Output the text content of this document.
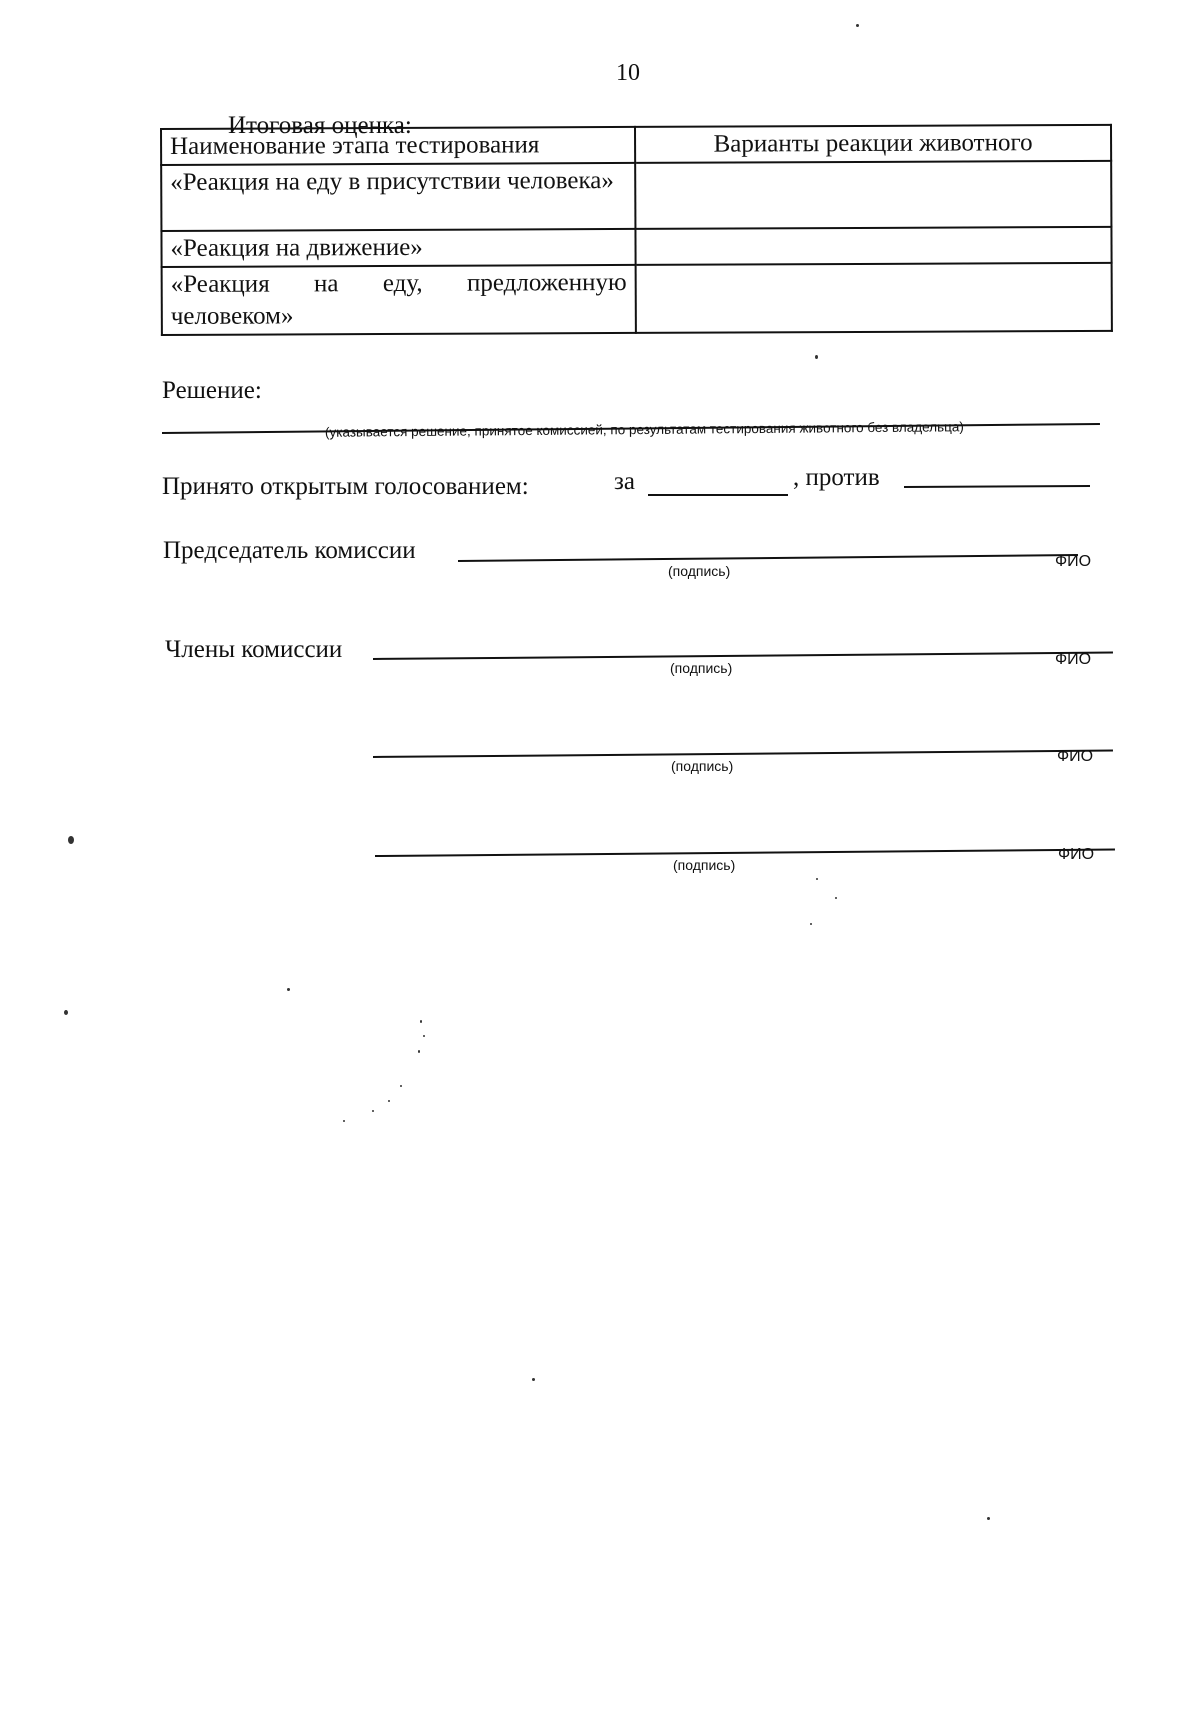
10
Итоговая оценка:
Наименование этапа тестирования	Варианты реакции животного
«Реакция на еду в присутствии человека»	
«Реакция на движение»	
«Реакция на еду, предложенную человеком»	
Решение:
(указывается решение, принятое комиссией, по результатам тестирования животного без владельца)
Принято открытым голосованием:	за	, против
Председатель комиссии
(подпись)
ФИО
Члены комиссии
(подпись)	ФИО
(подпись)
ФИО
(подпись)
ФИО
